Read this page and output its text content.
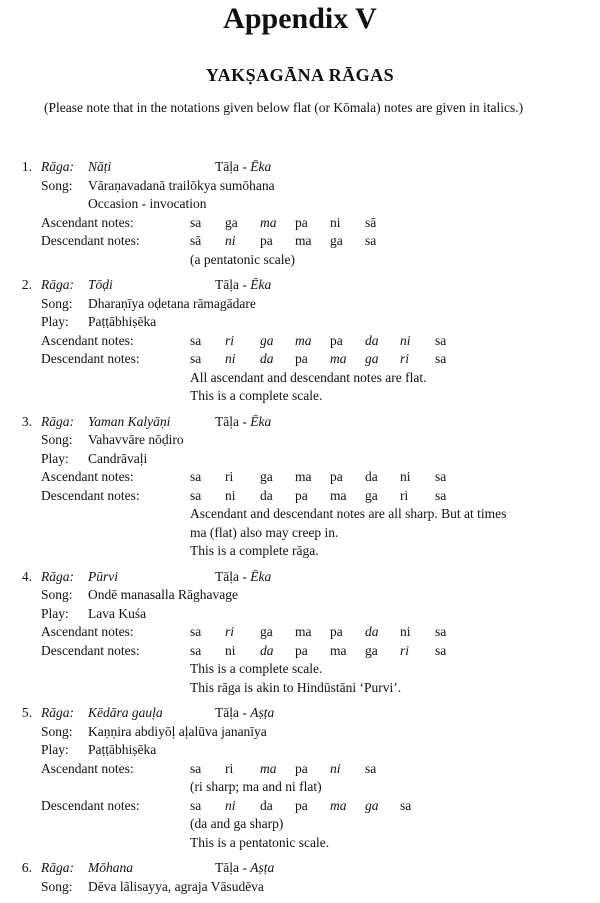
Appendix V
YAKṢAGĀNA RĀGAS
(Please note that in the notations given below flat (or Kōmala) notes are given in italics.)
1. Rāga: Nāṭi	Tāḷa - Ēka
Song: Vāraṇavadanā trailōkya sumōhana
Occasion - invocation
Ascendant notes:	sa ga ma pa ni sā
Descendant notes:	sā ni pa ma ga sa
(a pentatonic scale)
2. Rāga: Tōḍi	Tāḷa - Ēka
Song: Dharaṇīya oḍetana rāmagādare
Play: Paṭṭābhiṣēka
Ascendant notes:	sa ri ga ma pa da ni sa
Descendant notes:	sa ni da pa ma ga ri sa
All ascendant and descendant notes are flat.
This is a complete scale.
3. Rāga: Yaman Kalyāṇi	Tāḷa - Ēka
Song: Vahavvāre nōḍiro
Play: Candrāvaḷi
Ascendant notes:	sa ri ga ma pa da ni sa
Descendant notes:	sa ni da pa ma ga ri sa
Ascendant and descendant notes are all sharp. But at times
ma (flat) also may creep in.
This is a complete rāga.
4. Rāga: Pūrvi	Tāḷa - Ēka
Song: Ondē manasalla Rāghavage
Play: Lava Kuśa
Ascendant notes:	sa ri ga ma pa da ni sa
Descendant notes:	sa ni da pa ma ga ri sa
This is a complete scale.
This rāga is akin to Hindūstāni ‘Purvi’.
5. Rāga: Kēdāra gauḷa	Tāḷa - Aṣṭa
Song: Kaṇṇira abdiyōḷ aḷalūva jananīya
Play: Paṭṭābhiṣēka
Ascendant notes:	sa ri ma pa ni sa
(ri sharp; ma and ni flat)
Descendant notes:	sa ni da pa ma ga sa
(da and ga sharp)
This is a pentatonic scale.
6. Rāga: Mōhana	Tāḷa - Aṣṭa
Song: Dēva lālisayya, agraja Vāsudēva
